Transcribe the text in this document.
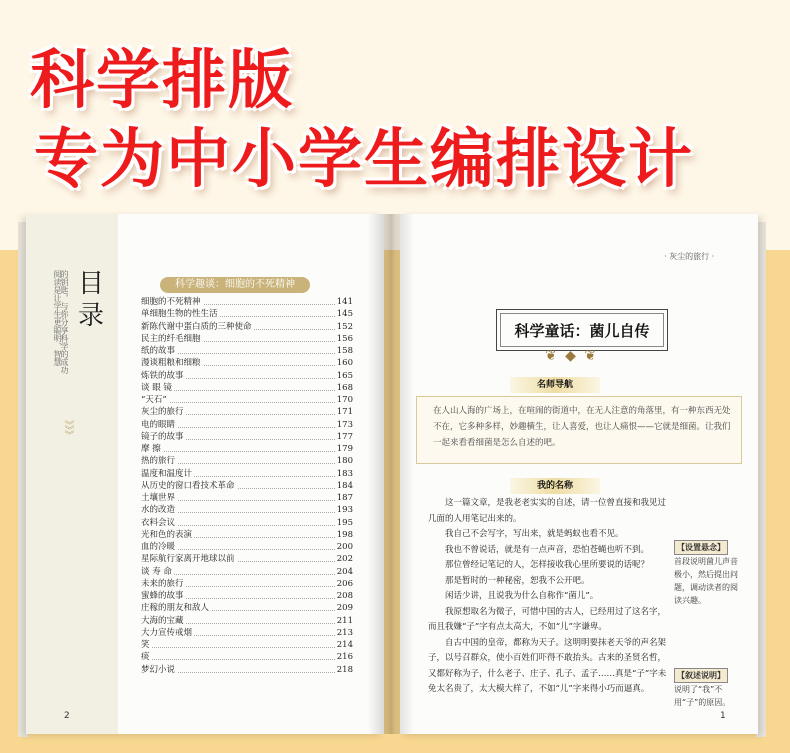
科学排版
专为中小学生编排设计
阅读是让学生更聪明、智慧
的钥匙，与你分享科学的成功
》》》
目
录
科学趣谈：细胞的不死精神
细胞的不死精神	141
单细胞生物的性生活	145
新陈代谢中蛋白质的三种使命	152
民主的纤毛细胞	156
纸的故事	158
漫谈粗粮和细粮	160
炼铁的故事	165
谈 眼 镜	168
“天石”	170
灰尘的旅行	171
电的眼睛	173
镜子的故事	177
摩 擦	179
热的旅行	180
温度和温度计	183
从历史的窗口看技术革命	184
土壤世界	187
水的改造	193
衣料会议	195
光和色的表演	198
血的冷暖	200
星际航行家离开地球以前	202
谈 寿 命	204
未来的旅行	206
蜜蜂的故事	208
庄稼的朋友和敌人	209
大海的宝藏	211
大力宣传戒烟	213
笑	214
痰	216
梦幻小说	218
2
· 灰尘的旅行 ·
科学童话：菌儿自传
❦ ◆ ❦
名师导航
在人山人海的广场上，在喧闹的街道中，在无人注意的角落里，有一种东西无处不在，它多种多样，妙趣横生，让人喜爱，也让人痛恨——它就是细菌。让我们一起来看看细菌是怎么自述的吧。
我的名称

这一篇文章，是我老老实实的自述，请一位曾直接和我见过几面的人用笔记出来的。

我自己不会写字，写出来，就是蚂蚁也看不见。

我也不曾说话，就是有一点声音，恐怕苍蝇也听不到。

那位曾经记笔记的人，怎样接收我心里所要说的话呢？

那是暂时的一种秘密，恕我不公开吧。

闲话少讲，且说我为什么自称作“菌儿”。

我原想取名为微子，可惜中国的古人，已经用过了这名字，而且我嫌“子”字有点太高大，不如“儿”字谦卑。

自古中国的皇帝，都称为天子。这明明要抹老天爷的声名架子，以号召群众，使小百姓们吓得不敢抬头。古来的圣贤名哲，又都好称为子，什么老子、庄子、孔子、孟子……真是“子”字未免太名贵了，太大模大样了，不如“儿”字来得小巧而逼真。

【设置悬念】
首段说明菌儿声音极小，然后提出问题，调动读者的阅读兴趣。
【叙述说明】
说明了“我”不用“子”的原因。
1
